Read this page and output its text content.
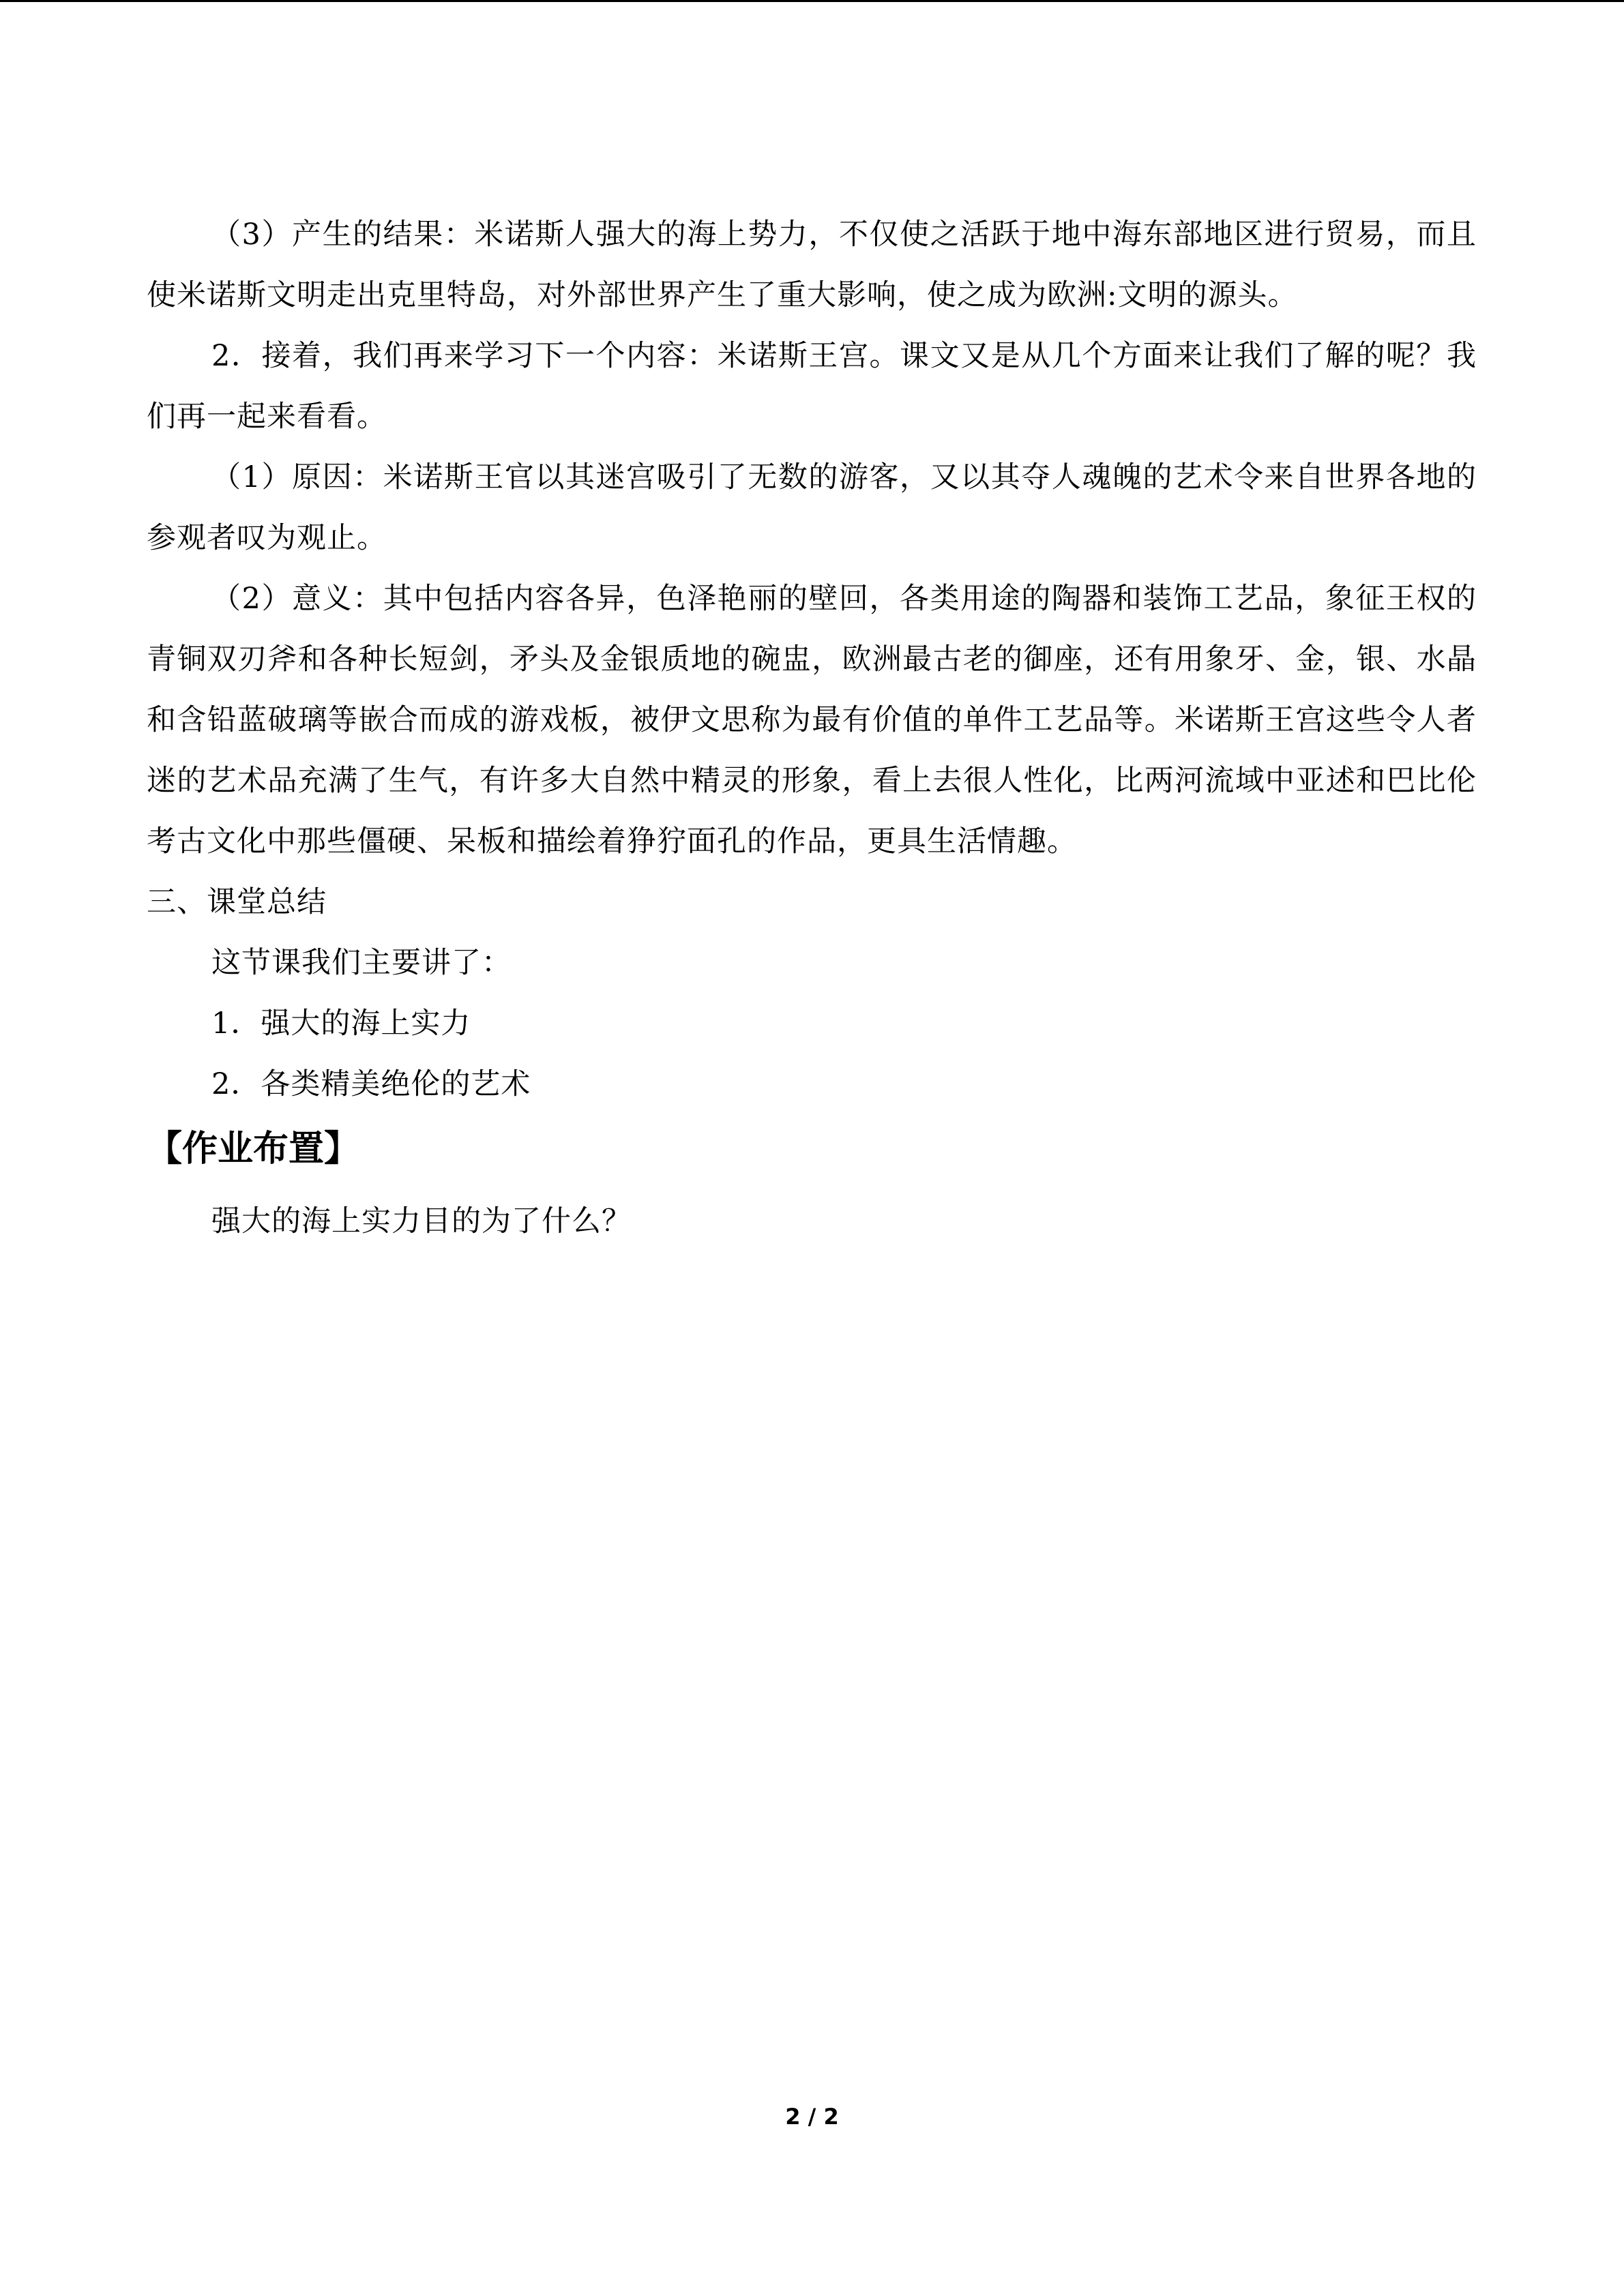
（3）产生的结果：米诺斯人强大的海上势力，不仅使之活跃于地中海东部地区进行贸易，而且使米诺斯文明走出克里特岛，对外部世界产生了重大影响，使之成为欧洲:文明的源头。

2．接着，我们再来学习下一个内容：米诺斯王宫。课文又是从几个方面来让我们了解的呢？我们再一起来看看。

（1）原因：米诺斯王官以其迷宫吸引了无数的游客，又以其夺人魂魄的艺术令来自世界各地的参观者叹为观止。

（2）意义：其中包括内容各异，色泽艳丽的壁回，各类用途的陶器和装饰工艺品，象征王权的青铜双刃斧和各种长短剑，矛头及金银质地的碗盅，欧洲最古老的御座，还有用象牙、金，银、水晶和含铅蓝破璃等嵌合而成的游戏板，被伊文思称为最有价值的单件工艺品等。米诺斯王宫这些令人者迷的艺术品充满了生气，有许多大自然中精灵的形象，看上去很人性化，比两河流域中亚述和巴比伦考古文化中那些僵硬、呆板和描绘着狰狞面孔的作品，更具生活情趣。

三、课堂总结

这节课我们主要讲了：

1．强大的海上实力

2．各类精美绝伦的艺术

【作业布置】

强大的海上实力目的为了什么？

2 / 2
